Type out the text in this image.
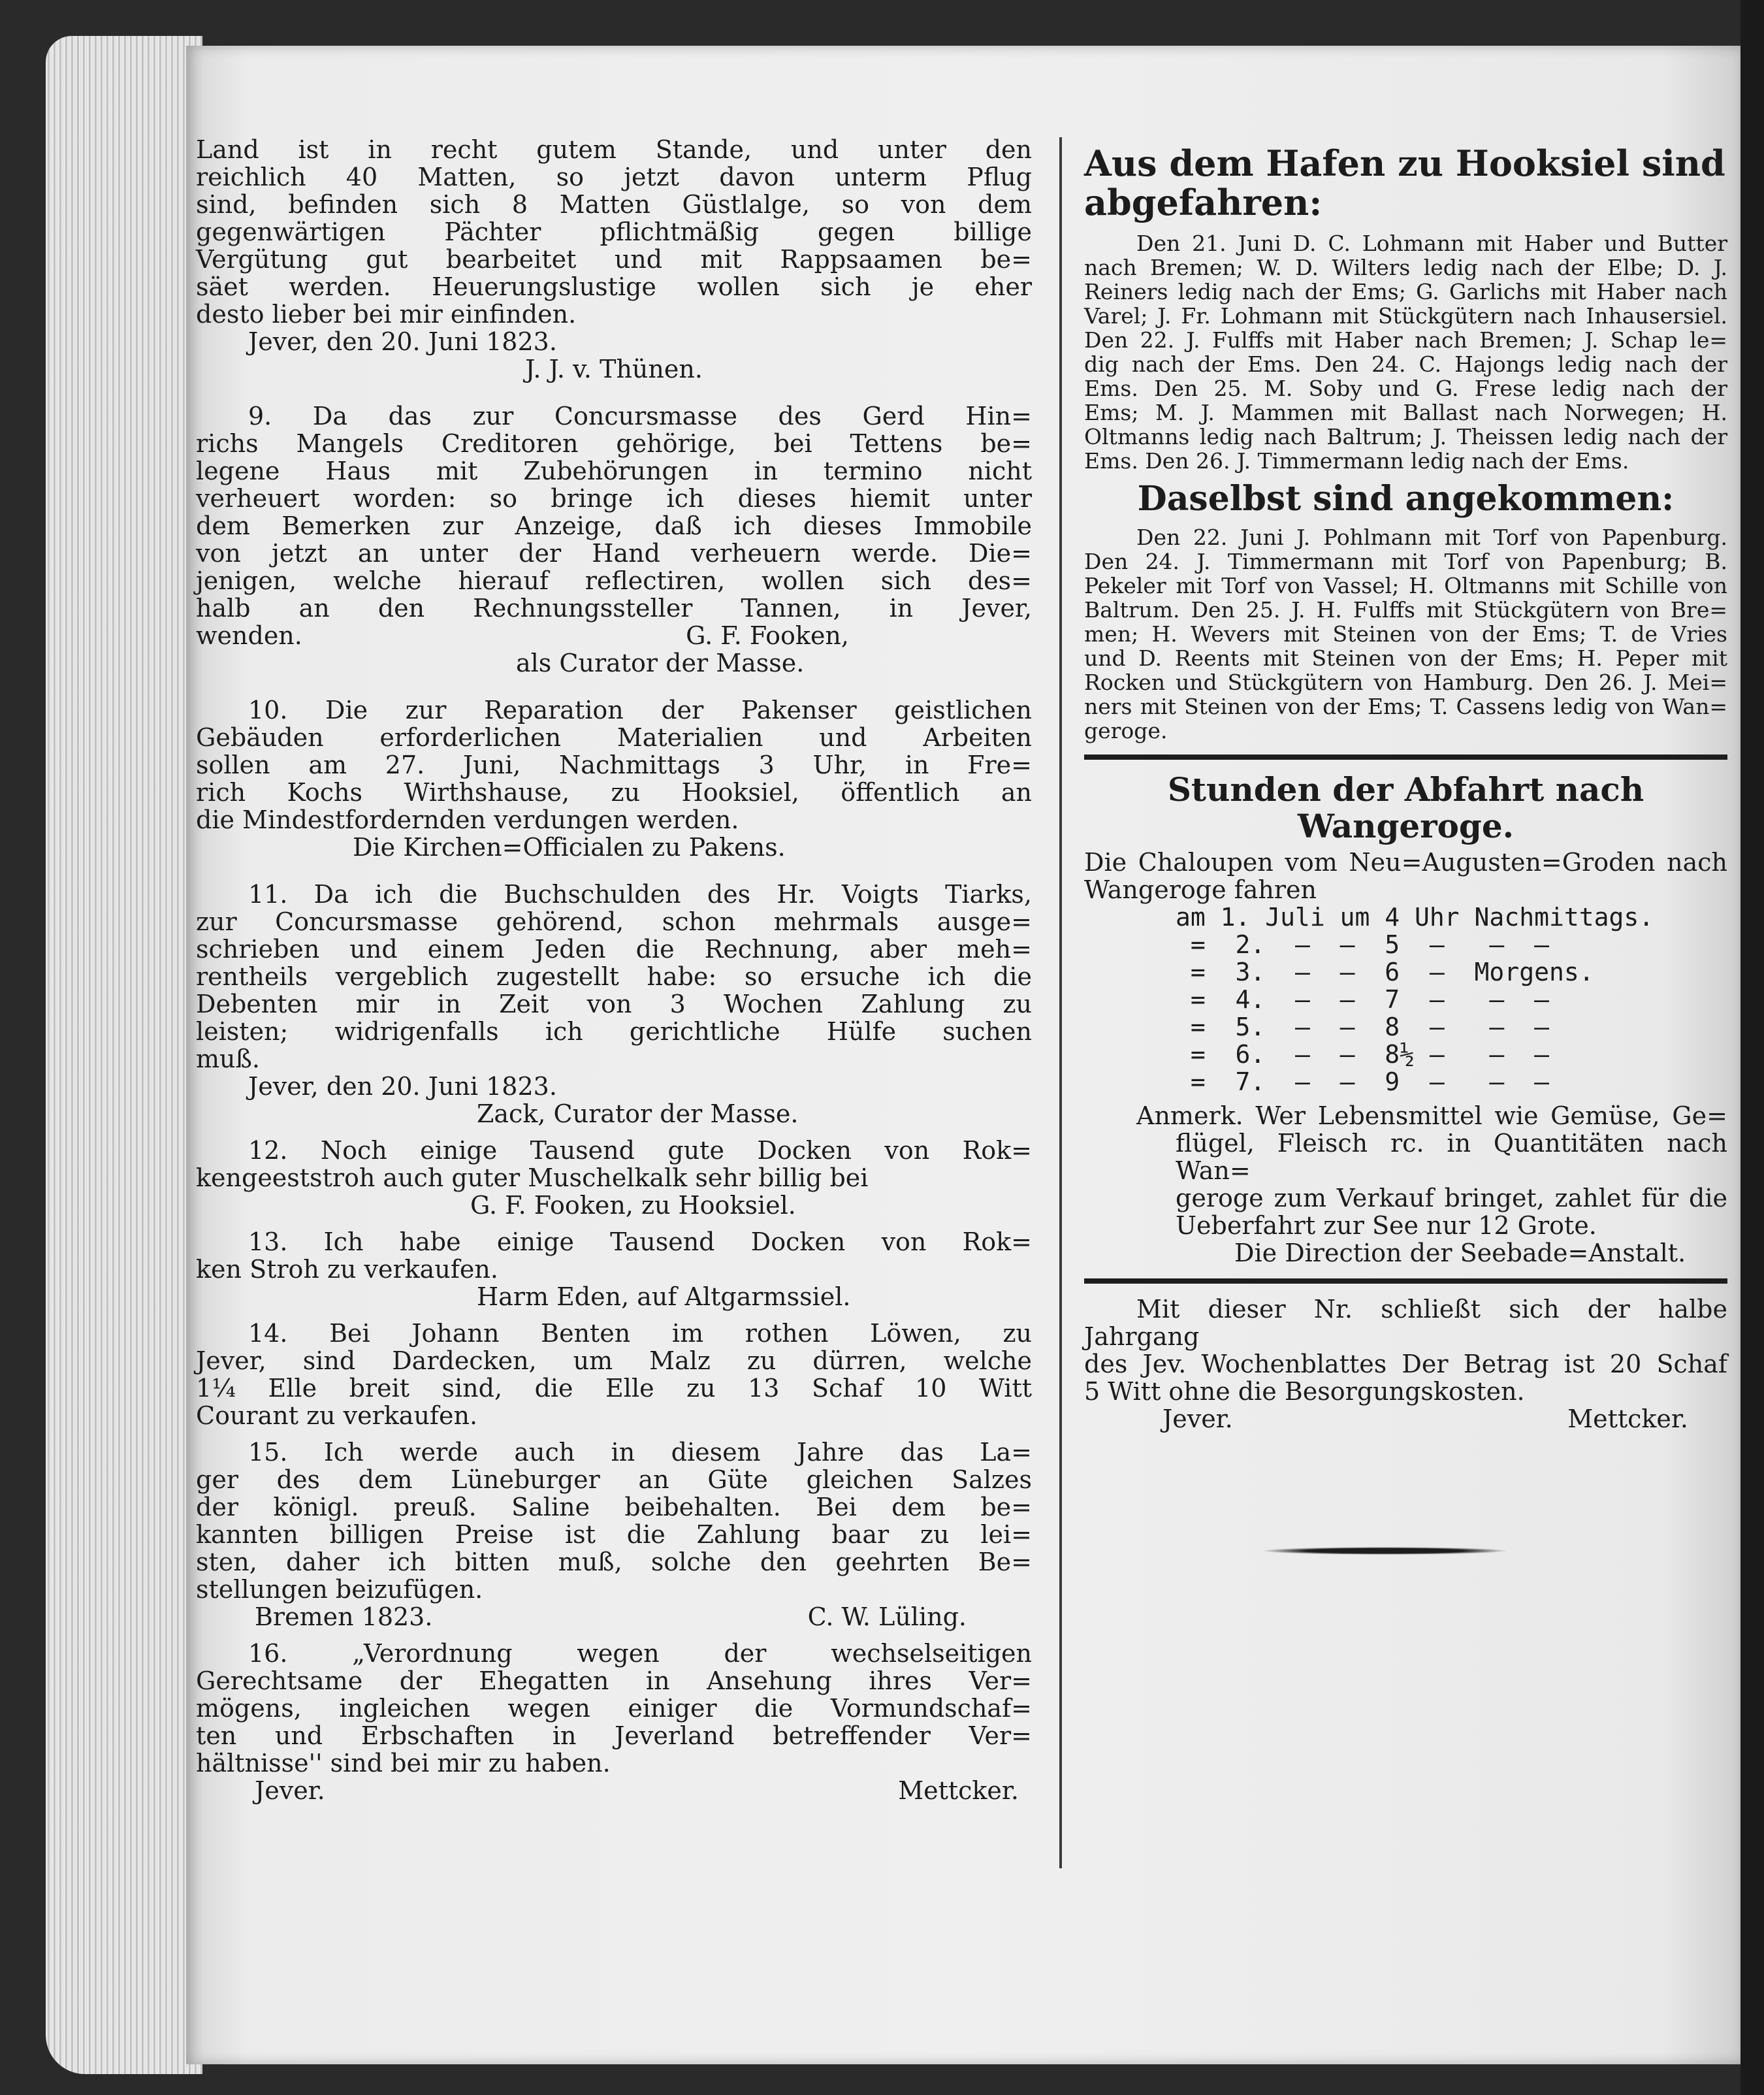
Land ist in recht gutem Stande, und unter den

reichlich 40 Matten, so jetzt davon unterm Pflug

sind, befinden sich 8 Matten Güstlalge, so von dem

gegenwärtigen Pächter pflichtmäßig gegen billige

Vergütung gut bearbeitet und mit Rappsaamen be=

säet werden. Heuerungslustige wollen sich je eher

desto lieber bei mir einfinden.

Jever, den 20. Juni 1823.

J. J. v. Thünen.

9. Da das zur Concursmasse des Gerd Hin=

richs Mangels Creditoren gehörige, bei Tettens be=

legene Haus mit Zubehörungen in termino nicht

verheuert worden: so bringe ich dieses hiemit unter

dem Bemerken zur Anzeige, daß ich dieses Immobile

von jetzt an unter der Hand verheuern werde. Die=

jenigen, welche hierauf reflectiren, wollen sich des=

halb an den Rechnungssteller Tannen, in Jever,

wenden.	G. F. Fooken,

als Curator der Masse.

10. Die zur Reparation der Pakenser geistlichen

Gebäuden erforderlichen Materialien und Arbeiten

sollen am 27. Juni, Nachmittags 3 Uhr, in Fre=

rich Kochs Wirthshause, zu Hooksiel, öffentlich an

die Mindestfordernden verdungen werden.

Die Kirchen=Officialen zu Pakens.

11. Da ich die Buchschulden des Hr. Voigts Tiarks,

zur Concursmasse gehörend, schon mehrmals ausge=

schrieben und einem Jeden die Rechnung, aber meh=

rentheils vergeblich zugestellt habe: so ersuche ich die

Debenten mir in Zeit von 3 Wochen Zahlung zu

leisten; widrigenfalls ich gerichtliche Hülfe suchen

muß.

Jever, den 20. Juni 1823.

Zack, Curator der Masse.

12. Noch einige Tausend gute Docken von Rok=

kengeeststroh auch guter Muschelkalk sehr billig bei

G. F. Fooken, zu Hooksiel.

13. Ich habe einige Tausend Docken von Rok=

ken Stroh zu verkaufen.

Harm Eden, auf Altgarmssiel.

14. Bei Johann Benten im rothen Löwen, zu

Jever, sind Dardecken, um Malz zu dürren, welche

1¼ Elle breit sind, die Elle zu 13 Schaf 10 Witt

Courant zu verkaufen.

15. Ich werde auch in diesem Jahre das La=

ger des dem Lüneburger an Güte gleichen Salzes

der königl. preuß. Saline beibehalten. Bei dem be=

kannten billigen Preise ist die Zahlung baar zu lei=

sten, daher ich bitten muß, solche den geehrten Be=

stellungen beizufügen.

Bremen 1823.	C. W. Lüling.

16. „Verordnung wegen der wechselseitigen

Gerechtsame der Ehegatten in Ansehung ihres Ver=

mögens, ingleichen wegen einiger die Vormundschaf=

ten und Erbschaften in Jeverland betreffender Ver=

hältnisse'' sind bei mir zu haben.

Jever.	Mettcker.

Aus dem Hafen zu Hooksiel sind abgefahren:

Den 21. Juni D. C. Lohmann mit Haber und Butter

nach Bremen; W. D. Wilters ledig nach der Elbe; D. J.

Reiners ledig nach der Ems; G. Garlichs mit Haber nach

Varel; J. Fr. Lohmann mit Stückgütern nach Inhausersiel.

Den 22. J. Fulffs mit Haber nach Bremen; J. Schap le=

dig nach der Ems. Den 24. C. Hajongs ledig nach der

Ems. Den 25. M. Soby und G. Frese ledig nach der

Ems; M. J. Mammen mit Ballast nach Norwegen; H.

Oltmanns ledig nach Baltrum; J. Theissen ledig nach der

Ems. Den 26. J. Timmermann ledig nach der Ems.

Daselbst sind angekommen:

Den 22. Juni J. Pohlmann mit Torf von Papenburg.

Den 24. J. Timmermann mit Torf von Papenburg; B.

Pekeler mit Torf von Vassel; H. Oltmanns mit Schille von

Baltrum. Den 25. J. H. Fulffs mit Stückgütern von Bre=

men; H. Wevers mit Steinen von der Ems; T. de Vries

und D. Reents mit Steinen von der Ems; H. Peper mit

Rocken und Stückgütern von Hamburg. Den 26. J. Mei=

ners mit Steinen von der Ems; T. Cassens ledig von Wan=

geroge.

Stunden der Abfahrt nach Wangeroge.

Die Chaloupen vom Neu=Augusten=Groden nach

Wangeroge fahren

am 1. Juli um 4 Uhr Nachmittags.

=  2.  —  —  5  —   —  —

=  3.  —  —  6  —  Morgens.

=  4.  —  —  7  —   —  —

=  5.  —  —  8  —   —  —

=  6.  —  —  8½ —   —  —

=  7.  —  —  9  —   —  —

Anmerk. Wer Lebensmittel wie Gemüse, Ge=

flügel, Fleisch rc. in Quantitäten nach Wan=

geroge zum Verkauf bringet, zahlet für die

Ueberfahrt zur See nur 12 Grote.

Die Direction der Seebade=Anstalt.

Mit dieser Nr. schließt sich der halbe Jahrgang

des Jev. Wochenblattes Der Betrag ist 20 Schaf

5 Witt ohne die Besorgungskosten.

Jever.	Mettcker.
